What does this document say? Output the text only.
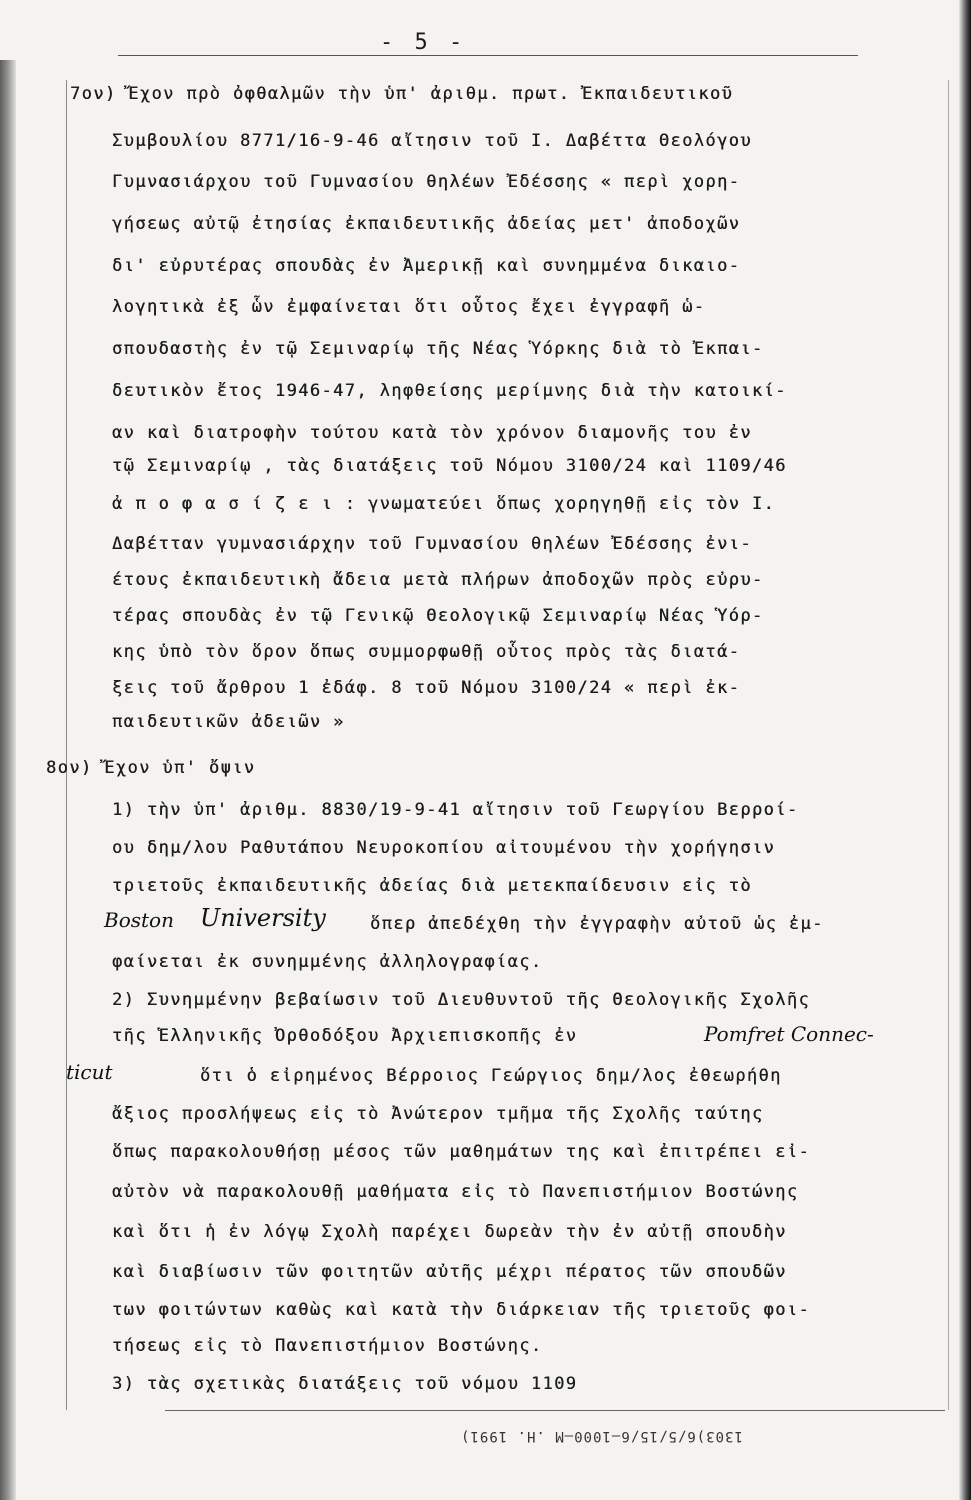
- 5 -
7ον) Ἔχον πρὸ ὀφθαλμῶν τὴν ὑπ' ἀριθμ. πρωτ. Ἐκπαιδευτικοῦ
Συμβουλίου 8771/16-9-46 αἴτησιν τοῦ Ι. Δαβέττα Θεολόγου
Γυμνασιάρχου τοῦ Γυμνασίου θηλέων Ἐδέσσης « περὶ χορη-
γήσεως αὐτῷ ἐτησίας ἐκπαιδευτικῆς ἀδείας μετ' ἀποδοχῶν
δι' εὐρυτέρας σπουδὰς ἐν Ἀμερικῇ καὶ συνημμένα δικαιο-
λογητικὰ ἐξ ὧν ἐμφαίνεται ὅτι οὗτος ἔχει ἐγγραφῆ ὡ-
σπουδαστὴς ἐν τῷ Σεμιναρίῳ τῆς Νέας Ὑόρκης διὰ τὸ Ἐκπαι-
δευτικὸν ἔτος 1946-47, ληφθείσης μερίμνης διὰ τὴν κατοικί-
αν καὶ διατροφὴν τούτου κατὰ τὸν χρόνον διαμονῆς του ἐν
τῷ Σεμιναρίῳ , τὰς διατάξεις τοῦ Νόμου 3100/24 καὶ 1109/46
ἀ π ο φ α σ ί ζ ε ι : γνωματεύει ὅπως χορηγηθῇ εἰς τὸν Ι.
Δαβέτταν γυμνασιάρχην τοῦ Γυμνασίου θηλέων Ἐδέσσης ἐνι-
έτους ἐκπαιδευτικὴ ἄδεια μετὰ πλήρων ἀποδοχῶν πρὸς εὐρυ-
τέρας σπουδὰς ἐν τῷ Γενικῷ Θεολογικῷ Σεμιναρίῳ Νέας Ὑόρ-
κης ὑπὸ τὸν ὅρον ὅπως συμμορφωθῇ οὗτος πρὸς τὰς διατά-
ξεις τοῦ ἄρθρου 1 ἐδάφ. 8 τοῦ Νόμου 3100/24 « περὶ ἐκ-
παιδευτικῶν ἀδειῶν »
8ον) Ἔχον ὑπ' ὄψιν
1) τὴν ὑπ' ἀριθμ. 8830/19-9-41 αἴτησιν τοῦ Γεωργίου Βερροί-
ου δημ/λου Ραθυτάπου Νευροκοπίου αἰτουμένου τὴν χορήγησιν
τριετοῦς ἐκπαιδευτικῆς ἀδείας διὰ μετεκπαίδευσιν εἰς τὸ
Boston University	ὅπερ ἀπεδέχθη τὴν ἐγγραφὴν αὐτοῦ ὡς ἐμ-
φαίνεται ἐκ συνημμένης ἀλληλογραφίας.
2) Συνημμένην βεβαίωσιν τοῦ Διευθυντοῦ τῆς Θεολογικῆς Σχολῆς
τῆς Ἑλληνικῆς Ὀρθοδόξου Ἀρχιεπισκοπῆς ἐν	Pomfret Connec-
ticut	ὅτι ὁ εἰρημένος Βέρροιος Γεώργιος δημ/λος ἐθεωρήθη
ἄξιος προσλήψεως εἰς τὸ Ἀνώτερον τμῆμα τῆς Σχολῆς ταύτης
ὅπως παρακολουθήσῃ μέσος τῶν μαθημάτων της καὶ ἐπιτρέπει εἰ-
αὐτὸν νὰ παρακολουθῇ μαθήματα εἰς τὸ Πανεπιστήμιον Βοστώνης
καὶ ὅτι ἡ ἐν λόγῳ Σχολὴ παρέχει δωρεὰν τὴν ἐν αὐτῇ σπουδὴν
καὶ διαβίωσιν τῶν φοιτητῶν αὐτῆς μέχρι πέρατος τῶν σπουδῶν
των φοιτώντων καθὼς καὶ κατὰ τὴν διάρκειαν τῆς τριετοῦς φοι-
τήσεως εἰς τὸ Πανεπιστήμιον Βοστώνης.
3) τὰς σχετικὰς διατάξεις τοῦ νόμου 1109
1303)6/5/15/6—1000—M .H. 1991)
